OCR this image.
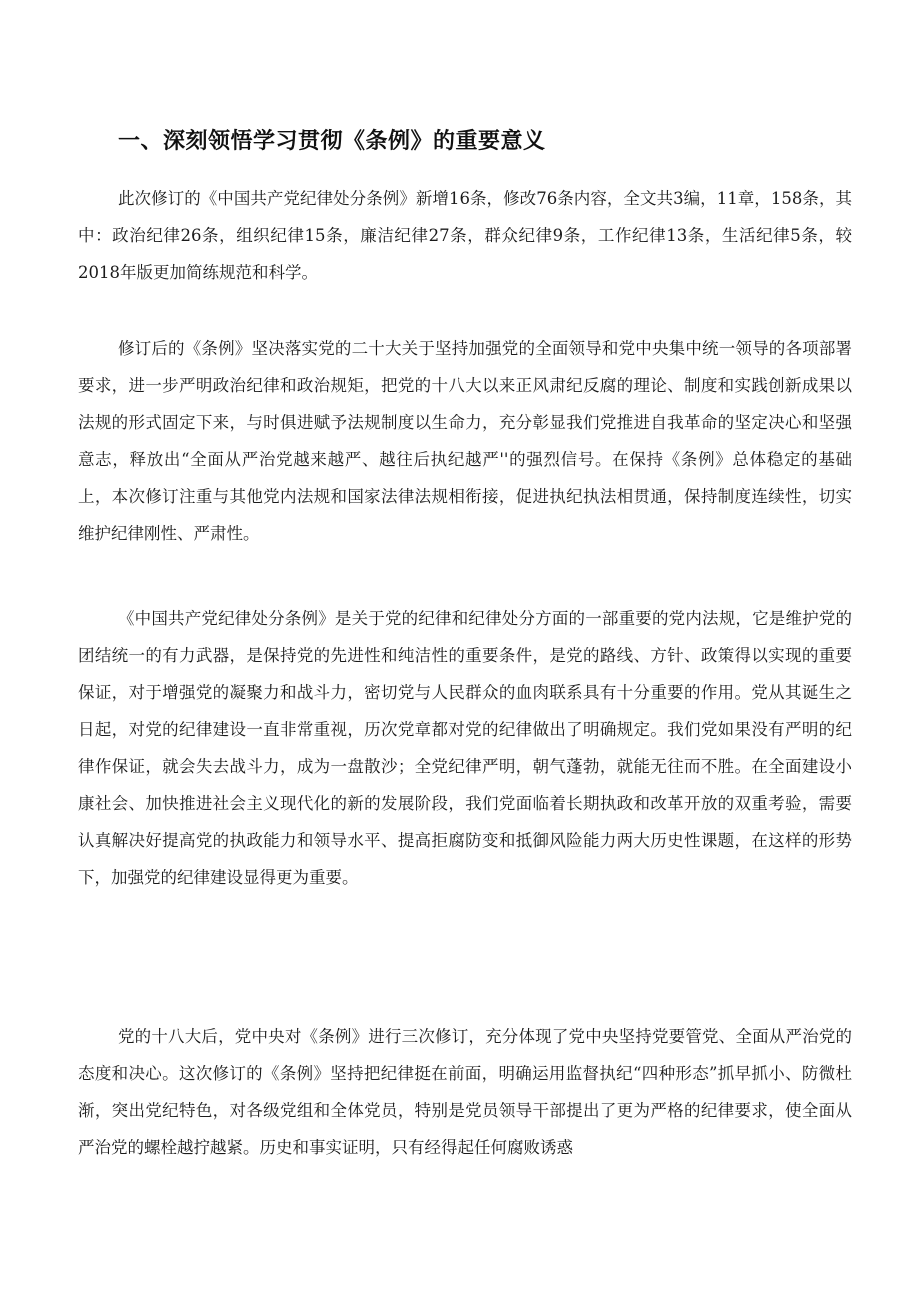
一、深刻领悟学习贯彻《条例》的重要意义

此次修订的《中国共产党纪律处分条例》新增16条，修改76条内容，全文共3编，11章，158条，其中：政治纪律26条，组织纪律15条，廉洁纪律27条，群众纪律9条，工作纪律13条，生活纪律5条，较2018年版更加简练规范和科学。

修订后的《条例》坚决落实党的二十大关于坚持加强党的全面领导和党中央集中统一领导的各项部署要求，进一步严明政治纪律和政治规矩，把党的十八大以来正风肃纪反腐的理论、制度和实践创新成果以法规的形式固定下来，与时俱进赋予法规制度以生命力，充分彰显我们党推进自我革命的坚定决心和坚强意志，释放出“全面从严治党越来越严、越往后执纪越严''的强烈信号。在保持《条例》总体稳定的基础上，本次修订注重与其他党内法规和国家法律法规相衔接，促进执纪执法相贯通，保持制度连续性，切实维护纪律刚性、严肃性。

《中国共产党纪律处分条例》是关于党的纪律和纪律处分方面的一部重要的党内法规，它是维护党的团结统一的有力武器，是保持党的先进性和纯洁性的重要条件，是党的路线、方针、政策得以实现的重要保证，对于增强党的凝聚力和战斗力，密切党与人民群众的血肉联系具有十分重要的作用。党从其诞生之日起，对党的纪律建设一直非常重视，历次党章都对党的纪律做出了明确规定。我们党如果没有严明的纪律作保证，就会失去战斗力，成为一盘散沙；全党纪律严明，朝气蓬勃，就能无往而不胜。在全面建设小康社会、加快推进社会主义现代化的新的发展阶段，我们党面临着长期执政和改革开放的双重考验，需要认真解决好提高党的执政能力和领导水平、提高拒腐防变和抵御风险能力两大历史性课题，在这样的形势下，加强党的纪律建设显得更为重要。

党的十八大后，党中央对《条例》进行三次修订，充分体现了党中央坚持党要管党、全面从严治党的态度和决心。这次修订的《条例》坚持把纪律挺在前面，明确运用监督执纪“四种形态”抓早抓小、防微杜渐，突出党纪特色，对各级党组和全体党员，特别是党员领导干部提出了更为严格的纪律要求，使全面从严治党的螺栓越拧越紧。历史和事实证明，只有经得起任何腐败诱惑
